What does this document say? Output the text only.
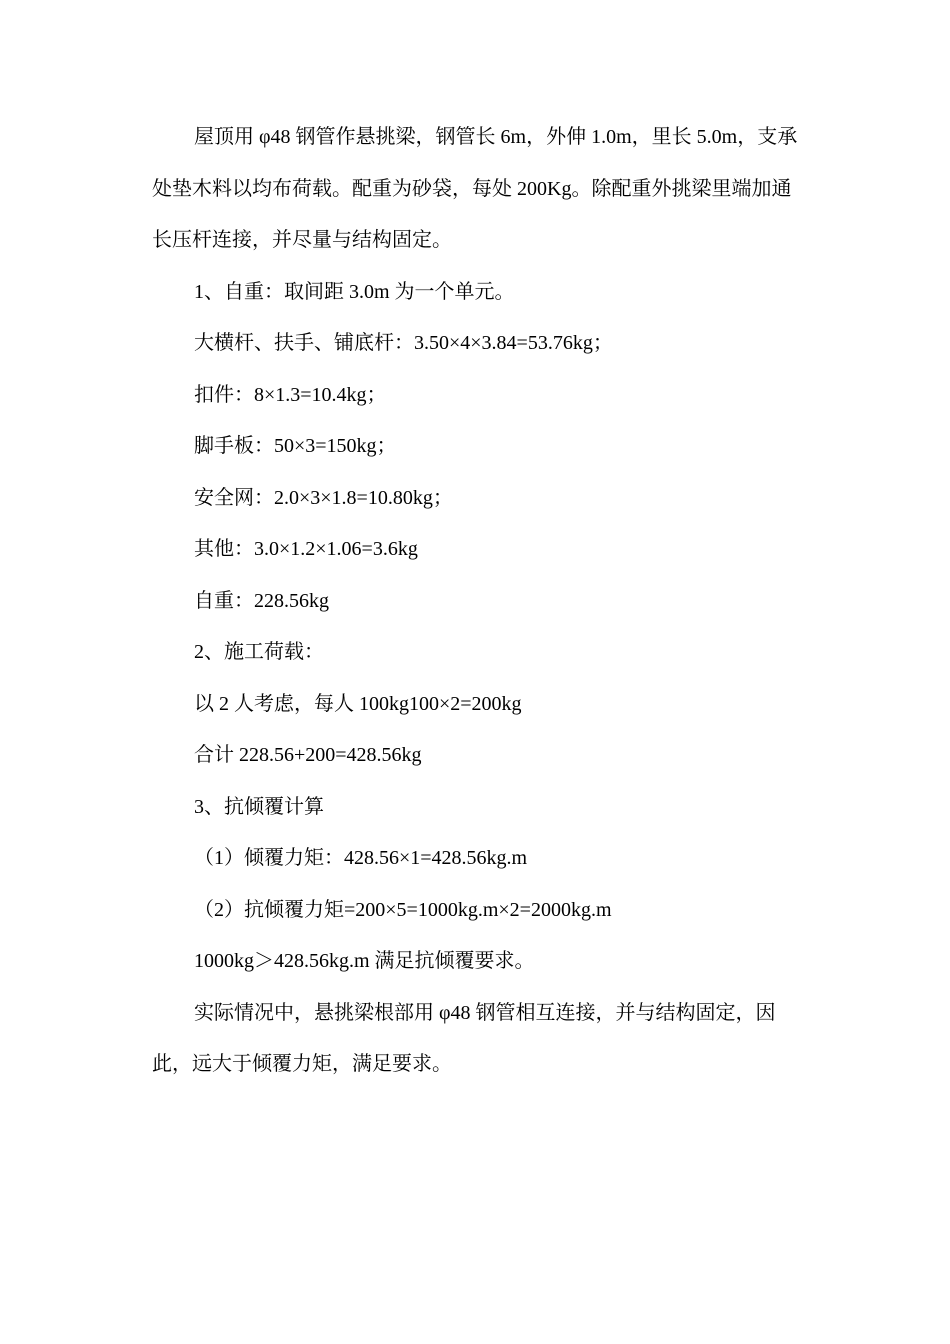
屋顶用 φ48 钢管作悬挑梁，钢管长 6m，外伸 1.0m，里长 5.0m，支承处垫木料以均布荷载。配重为砂袋，每处 200Kg。除配重外挑梁里端加通长压杆连接，并尽量与结构固定。

1、自重：取间距 3.0m 为一个单元。

大横杆、扶手、铺底杆：3.50×4×3.84=53.76kg；

扣件：8×1.3=10.4kg；

脚手板：50×3=150kg；

安全网：2.0×3×1.8=10.80kg；

其他：3.0×1.2×1.06=3.6kg

自重：228.56kg

2、施工荷载：

以 2 人考虑，每人 100kg100×2=200kg

合计 228.56+200=428.56kg

3、抗倾覆计算

（1）倾覆力矩：428.56×1=428.56kg.m

（2）抗倾覆力矩=200×5=1000kg.m×2=2000kg.m

1000kg＞428.56kg.m 满足抗倾覆要求。

实际情况中，悬挑梁根部用 φ48 钢管相互连接，并与结构固定，因此，远大于倾覆力矩，满足要求。
